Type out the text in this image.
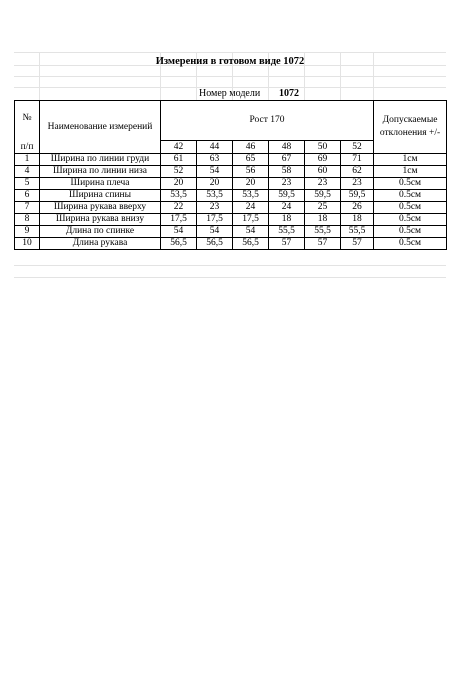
Измерения в готовом виде 1072
Номер модели 1072
№
п/п	Наименование измерений	Рост 170						Допускаемые отклонения +/-
		42	44	46	48	50	52	
1	Ширина по линии груди	61	63	65	67	69	71	1см
4	Ширина по линии низа	52	54	56	58	60	62	1см
5	Ширина плеча	20	20	20	23	23	23	0.5см
6	Ширина спины	53,5	53,5	53,5	59,5	59,5	59,5	0.5см
7	Ширина рукава вверху	22	23	24	24	25	26	0.5см
8	Ширина рукава внизу	17,5	17,5	17,5	18	18	18	0.5см
9	Длина по спинке	54	54	54	55,5	55,5	55,5	0.5см
10	Длина рукава	56,5	56,5	56,5	57	57	57	0.5см
